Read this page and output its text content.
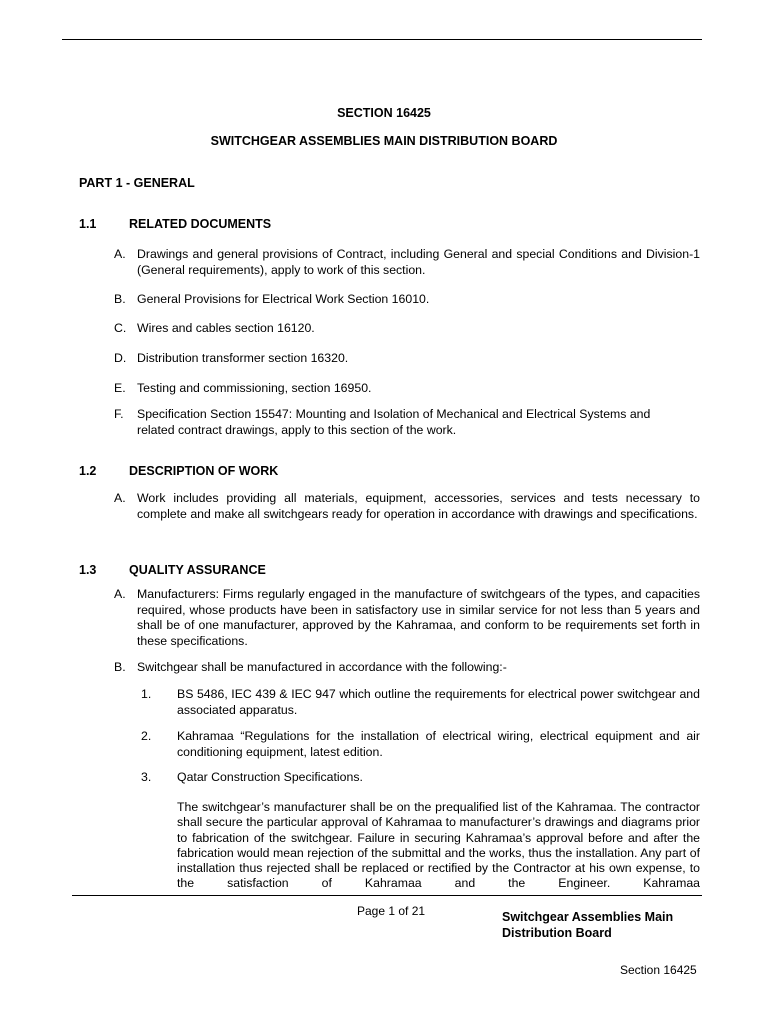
SECTION 16425
SWITCHGEAR ASSEMBLIES MAIN DISTRIBUTION BOARD
PART 1 - GENERAL
1.1	RELATED DOCUMENTS
A. Drawings and general provisions of Contract, including General and special Conditions and Division-1 (General requirements), apply to work of this section.
B. General Provisions for Electrical Work Section 16010.
C. Wires and cables section 16120.
D. Distribution transformer section 16320.
E. Testing and commissioning, section 16950.
F. Specification Section 15547: Mounting and Isolation of Mechanical and Electrical Systems and related contract drawings, apply to this section of the work.
1.2	DESCRIPTION OF WORK
A. Work includes providing all materials, equipment, accessories, services and tests necessary to complete and make all switchgears ready for operation in accordance with drawings and specifications.
1.3	QUALITY ASSURANCE
A. Manufacturers: Firms regularly engaged in the manufacture of switchgears of the types, and capacities required, whose products have been in satisfactory use in similar service for not less than 5 years and shall be of one manufacturer, approved by the Kahramaa, and conform to be requirements set forth in these specifications.
B. Switchgear shall be manufactured in accordance with the following:-
1. BS 5486, IEC 439 & IEC 947 which outline the requirements for electrical power switchgear and associated apparatus.
2. Kahramaa “Regulations for the installation of electrical wiring, electrical equipment and air conditioning equipment, latest edition.
3. Qatar Construction Specifications.
The switchgear’s manufacturer shall be on the prequalified list of the Kahramaa. The contractor shall secure the particular approval of Kahramaa to manufacturer’s drawings and diagrams prior to fabrication of the switchgear. Failure in securing Kahramaa’s approval before and after the fabrication would mean rejection of the submittal and the works, thus the installation. Any part of installation thus rejected shall be replaced or rectified by the Contractor at his own expense, to the satisfaction of Kahramaa and the Engineer. Kahramaa
Page 1 of 21	Switchgear Assemblies Main Distribution Board
Section 16425
